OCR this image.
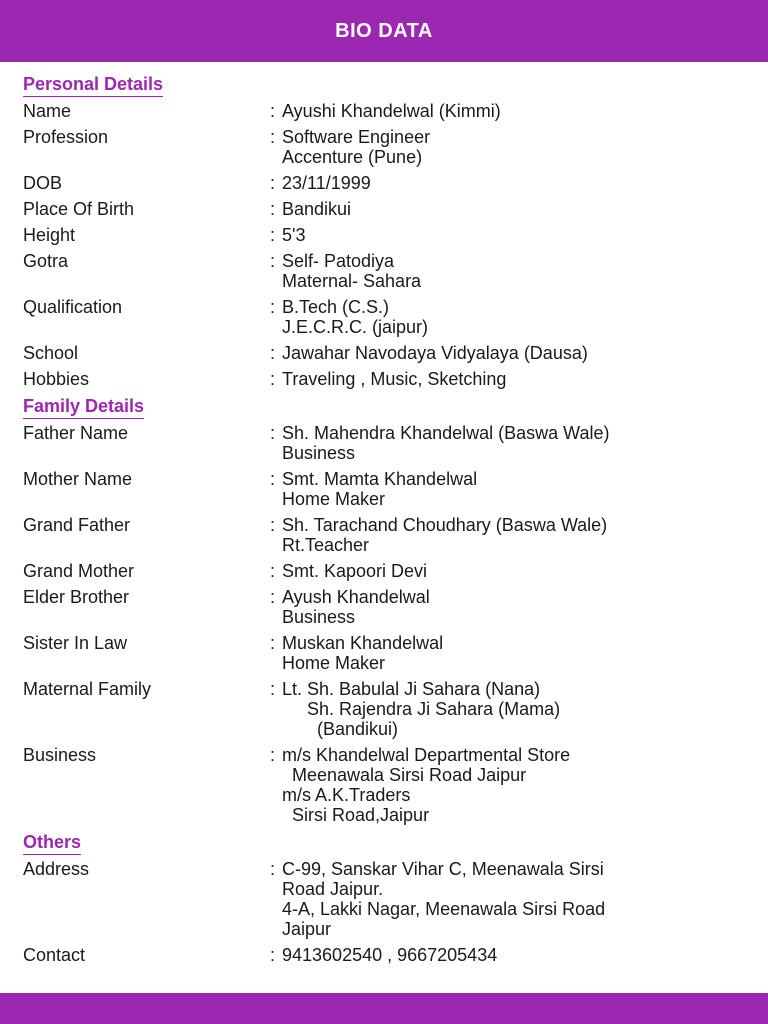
BIO DATA
Personal Details
Name	: Ayushi Khandelwal (Kimmi)
Profession	: Software Engineer
Accenture (Pune)
DOB	: 23/11/1999
Place Of Birth	: Bandikui
Height	: 5'3
Gotra	: Self- Patodiya
Maternal- Sahara
Qualification	: B.Tech (C.S.)
J.E.C.R.C. (jaipur)
School	: Jawahar Navodaya Vidyalaya (Dausa)
Hobbies	: Traveling , Music, Sketching
Family Details
Father Name	: Sh. Mahendra Khandelwal (Baswa Wale)
Business
Mother Name	: Smt. Mamta Khandelwal
Home Maker
Grand Father	: Sh. Tarachand Choudhary (Baswa Wale)
Rt.Teacher
Grand Mother	: Smt. Kapoori Devi
Elder Brother	: Ayush Khandelwal
Business
Sister In Law	: Muskan Khandelwal
Home Maker
Maternal Family	: Lt. Sh. Babulal Ji Sahara (Nana)
Sh. Rajendra Ji Sahara (Mama)
(Bandikui)
Business	: m/s Khandelwal Departmental Store
Meenawala Sirsi Road Jaipur
m/s A.K.Traders
Sirsi Road,Jaipur
Others
Address	: C-99, Sanskar Vihar C, Meenawala Sirsi
Road Jaipur.
4-A, Lakki Nagar, Meenawala Sirsi Road
Jaipur
Contact	: 9413602540 , 9667205434
